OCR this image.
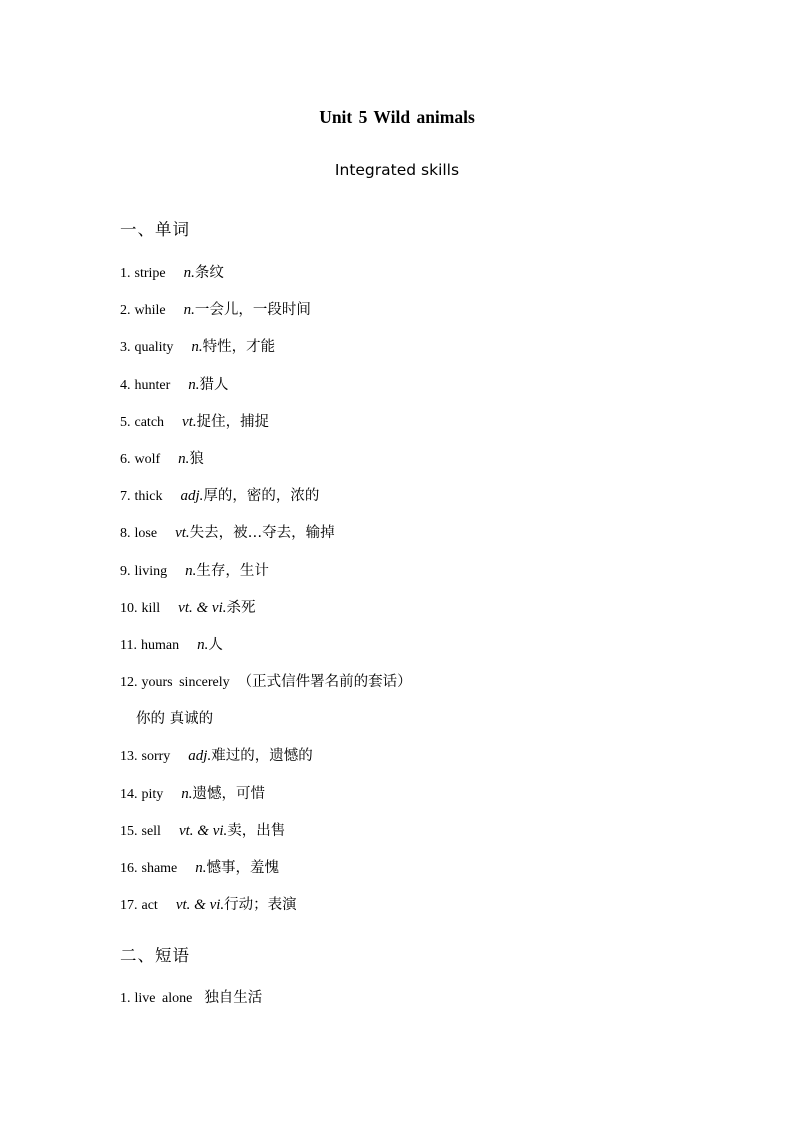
Unit 5 Wild animals
Integrated skills
一、单词
1. stripe n.条纹
2. while n.一会儿，一段时间
3. quality n.特性，才能
4. hunter n.猎人
5. catch vt.捉住，捕捉
6. wolf n.狼
7. thick adj.厚的，密的，浓的
8. lose vt.失去，被…夺去，输掉
9. living n.生存，生计
10. kill vt. & vi.杀死
11. human n.人
12. yours sincerely （正式信件署名前的套话）
你的 真诚的
13. sorry adj.难过的，遗憾的
14. pity n.遗憾，可惜
15. sell vt. & vi.卖，出售
16. shame n.憾事，羞愧
17. act vt. & vi.行动；表演
二、短语
1. live alone 独自生活
